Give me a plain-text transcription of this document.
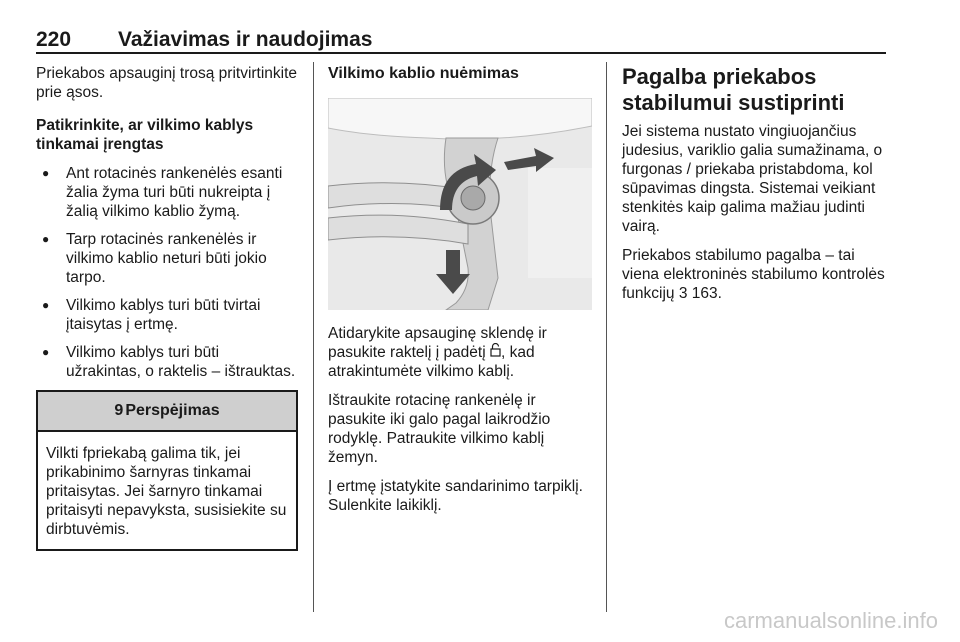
220 Važiavimas ir naudojimas

Priekabos apsauginį trosą pritvirtinkite prie ąsos.

Patikrinkite, ar vilkimo kablys tinkamai įrengtas

● Ant rotacinės rankenėlės esanti žalia žyma turi būti nukreipta į žalią vilkimo kablio žymą.
● Tarp rotacinės rankenėlės ir vilkimo kablio neturi būti jokio tarpo.
● Vilkimo kablys turi būti tvirtai įtaisytas į ertmę.
● Vilkimo kablys turi būti užrakintas, o raktelis – ištrauktas.
9 Perspėjimas
Vilkti fpriekabą galima tik, jei prikabinimo šarnyras tinkamai pritaisytas. Jei šarnyro tinkamai pritaisyti nepavyksta, susisiekite su dirbtuvėmis.
Vilkimo kablio nuėmimas

Atidarykite apsauginę sklendę ir pasukite raktelį į padėtį , kad atrakintumėte vilkimo kablį.

Ištraukite rotacinę rankenėlę ir pasukite iki galo pagal laikrodžio rodyklę. Patraukite vilkimo kablį žemyn.

Į ertmę įstatykite sandarinimo tarpiklį. Sulenkite laikiklį.

Pagalba priekabos stabilumui sustiprinti

Jei sistema nustato vingiuojančius judesius, variklio galia sumažinama, o furgonas / priekaba pristabdoma, kol sūpavimas dingsta. Sistemai veikiant stenkitės kaip galima mažiau judinti vairą.

Priekabos stabilumo pagalba – tai viena elektroninės stabilumo kontrolės funkcijų 3 163.

carmanualsonline.info
